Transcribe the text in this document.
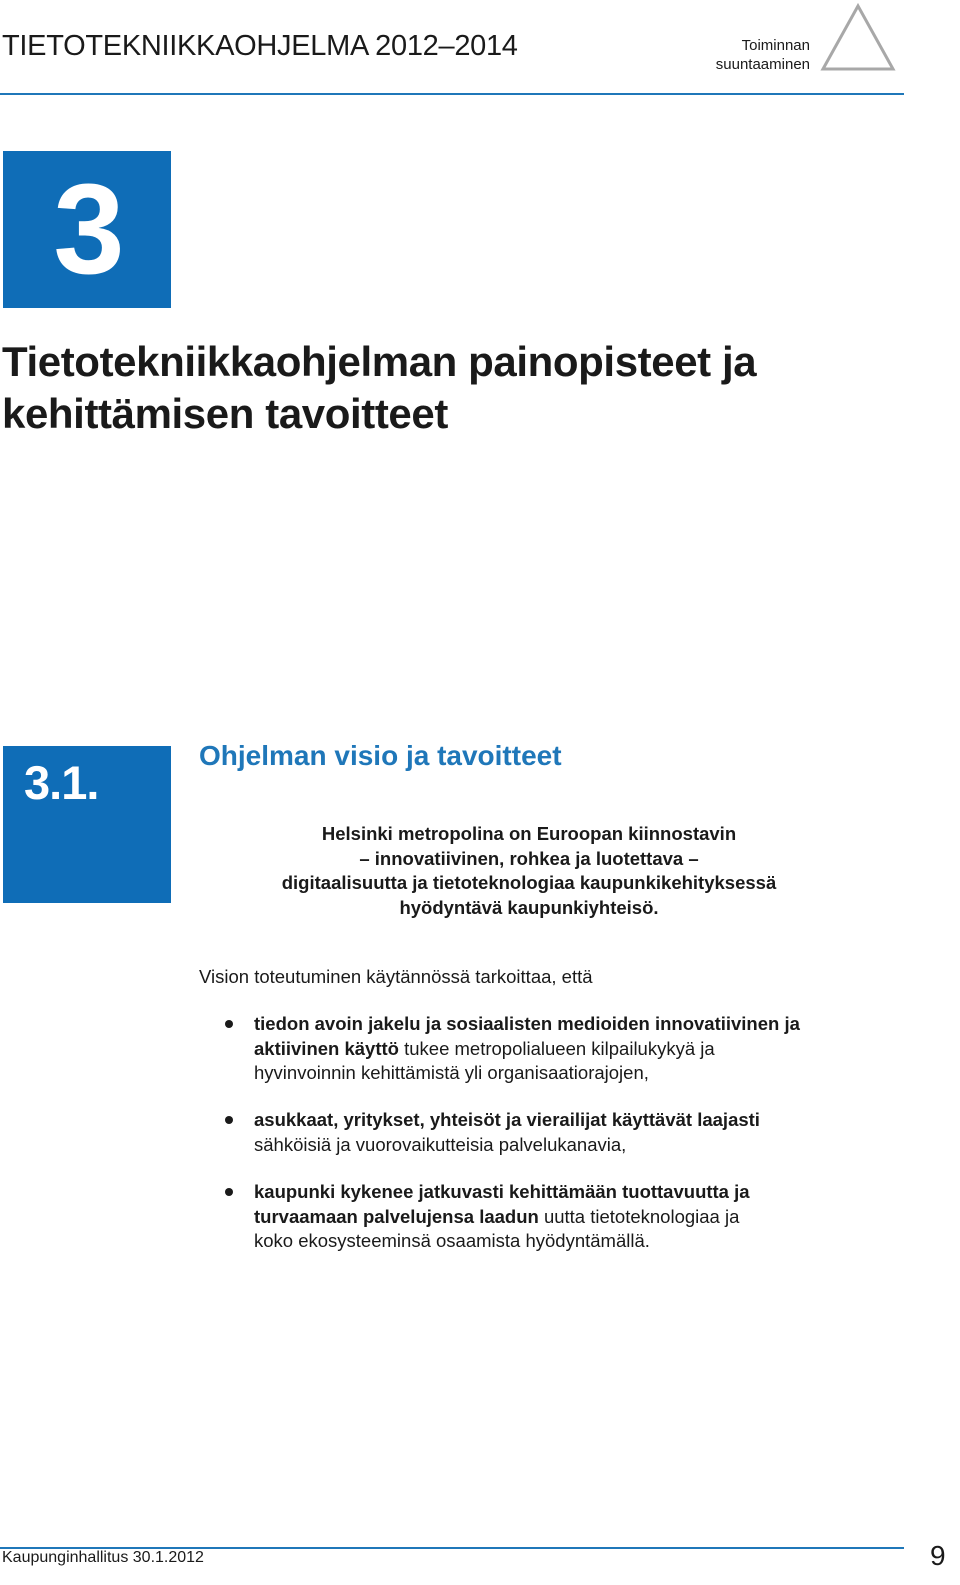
TIETOTEKNIIKKAOHJELMA 2012–2014	Toiminnan
suuntaaminen
3
Tietotekniikkaohjelman painopisteet ja
kehittämisen tavoitteet
3.1.
Ohjelman visio ja tavoitteet
Helsinki metropolina on Euroopan kiinnostavin
– innovatiivinen, rohkea ja luotettava –
digitaalisuutta ja tietoteknologiaa kaupunkikehityksessä
hyödyntävä kaupunkiyhteisö.
Vision toteutuminen käytännössä tarkoittaa, että
tiedon avoin jakelu ja sosiaalisten medioiden innovatiivinen ja
aktiivinen käyttö tukee metropolialueen kilpailukykyä ja
hyvinvoinnin kehittämistä yli organisaatiorajojen,
asukkaat, yritykset, yhteisöt ja vierailijat käyttävät laajasti
sähköisiä ja vuorovaikutteisia palvelukanavia,
kaupunki kykenee jatkuvasti kehittämään tuottavuutta ja
turvaamaan palvelujensa laadun uutta tietoteknologiaa ja
koko ekosysteeminsä osaamista hyödyntämällä.
Kaupunginhallitus 30.1.2012	9
